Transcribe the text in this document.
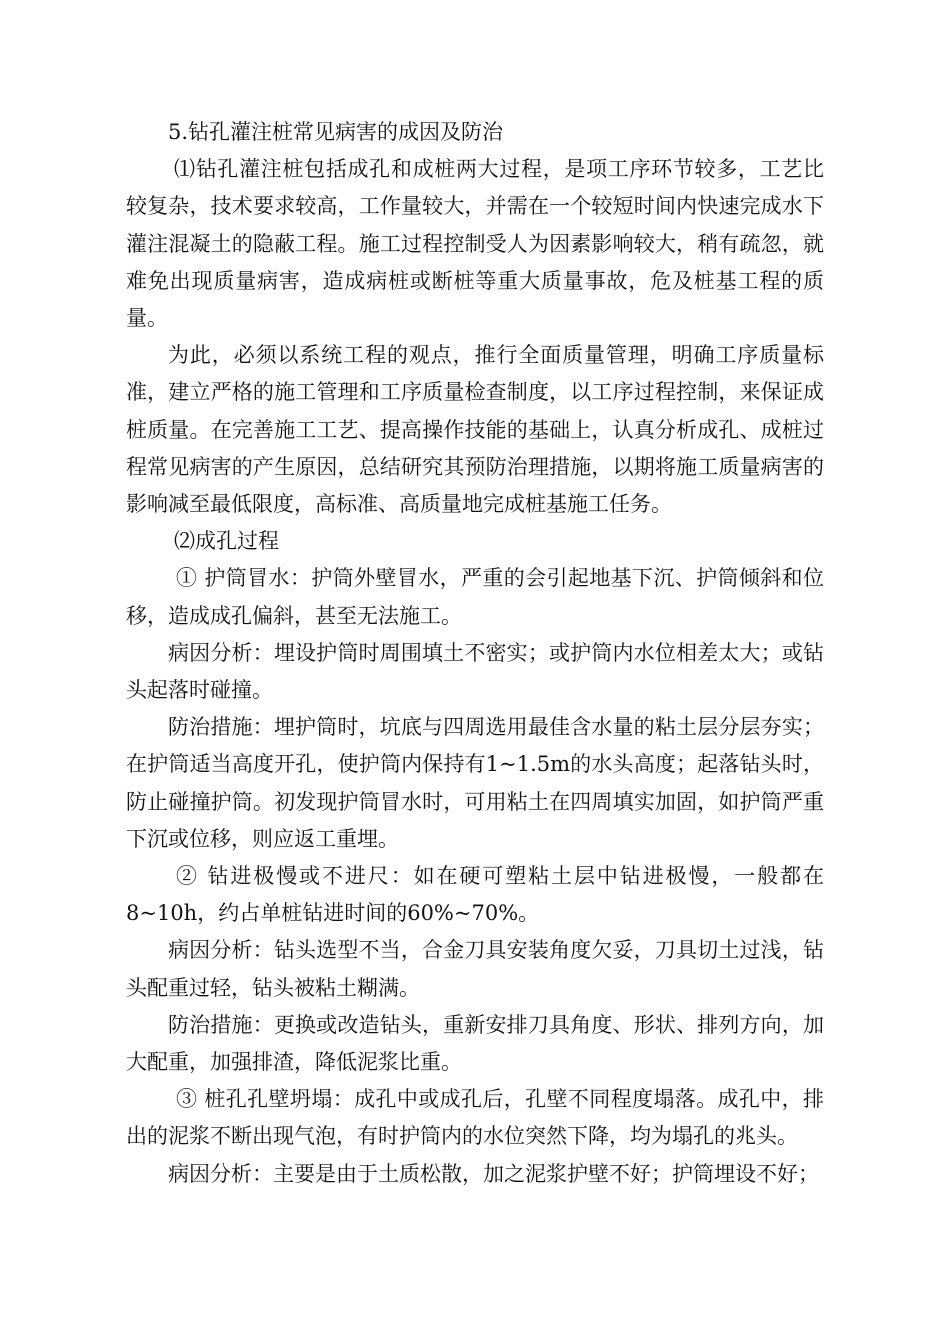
5.钻孔灌注桩常见病害的成因及防治

⑴钻孔灌注桩包括成孔和成桩两大过程，是项工序环节较多，工艺比较复杂，技术要求较高，工作量较大，并需在一个较短时间内快速完成水下灌注混凝土的隐蔽工程。施工过程控制受人为因素影响较大，稍有疏忽，就难免出现质量病害，造成病桩或断桩等重大质量事故，危及桩基工程的质量。

为此，必须以系统工程的观点，推行全面质量管理，明确工序质量标准，建立严格的施工管理和工序质量检查制度，以工序过程控制，来保证成桩质量。在完善施工工艺、提高操作技能的基础上，认真分析成孔、成桩过程常见病害的产生原因，总结研究其预防治理措施，以期将施工质量病害的影响减至最低限度，高标准、高质量地完成桩基施工任务。

⑵成孔过程

① 护筒冒水：护筒外壁冒水，严重的会引起地基下沉、护筒倾斜和位移，造成成孔偏斜，甚至无法施工。

病因分析：埋设护筒时周围填土不密实；或护筒内水位相差太大；或钻头起落时碰撞。

防治措施：埋护筒时，坑底与四周选用最佳含水量的粘土层分层夯实；在护筒适当高度开孔，使护筒内保持有1~1.5m的水头高度；起落钻头时，防止碰撞护筒。初发现护筒冒水时，可用粘土在四周填实加固，如护筒严重下沉或位移，则应返工重埋。

② 钻进极慢或不进尺：如在硬可塑粘土层中钻进极慢，一般都在8~10h，约占单桩钻进时间的60%~70%。

病因分析：钻头选型不当，合金刀具安装角度欠妥，刀具切土过浅，钻头配重过轻，钻头被粘土糊满。

防治措施：更换或改造钻头，重新安排刀具角度、形状、排列方向，加大配重，加强排渣，降低泥浆比重。

③ 桩孔孔壁坍塌：成孔中或成孔后，孔壁不同程度塌落。成孔中，排出的泥浆不断出现气泡，有时护筒内的水位突然下降，均为塌孔的兆头。

病因分析：主要是由于土质松散，加之泥浆护壁不好；护筒埋设不好；
